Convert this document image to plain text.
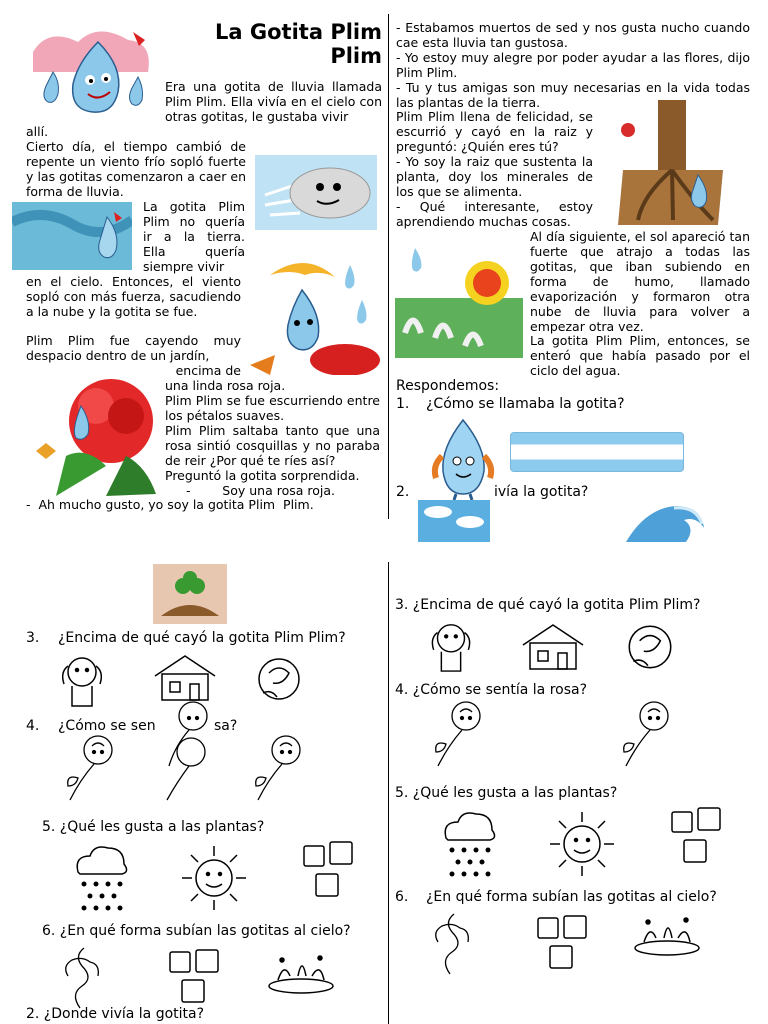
La Gotita Plim
Plim

Era una gotita de lluvia llamada Plim Plim. Ella vivía en el cielo con otras gotitas, le gustaba vivir

allí.

Cierto día, el tiempo cambió de repente un viento frío sopló fuerte y las gotitas comenzaron a caer en forma de lluvia.

La gotita Plim Plim no quería ir a la tierra. Ella quería siempre vivir

en el cielo. Entonces, el viento sopló con más fuerza, sacudiendo a la nube y la gotita se fue.

Plim Plim fue cayendo muy despacio dentro de un jardín,

encima de

una linda rosa roja.

Plim Plim se fue escurriendo entre los pétalos suaves.

Plim Plim saltaba tanto que una rosa sintió cosquillas y no paraba de reir ¿Por qué te ríes así?

Preguntó la gotita sorprendida.

-        Soy una rosa roja.

-  Ah mucho gusto, yo soy la gotita Plim  Plim.

- Estabamos muertos de sed y nos gusta nucho cuando cae esta lluvia tan gustosa.

- Yo estoy muy alegre por poder ayudar a las flores, dijo Plim Plim.

- Tu y tus amigas son muy necesarias en la vida todas las plantas de la tierra.

Plim Plim llena de felicidad, se escurrió y cayó en la raiz y preguntó: ¿Quién eres tú?

- Yo soy la raiz que sustenta la planta, doy los minerales de los que se alimenta.

- Qué interesante, estoy aprendiendo muchas cosas.

Al día siguiente, el sol apareció tan fuerte que atrajo a todas las gotitas, que iban subiendo en forma de humo, llamado evaporización y formaron otra nube de lluvia para volver a empezar otra vez.

La gotita Plim Plim, entonces, se enteró que había pasado por el ciclo del agua.

Respondemos:
1. ¿Cómo se llamaba la gotita?
2.	ivía la gotita?
3. ¿Encima de qué cayó la gotita Plim Plim?
4. ¿Cómo se sen	sa?
5. ¿Qué les gusta a las plantas?
6. ¿En qué forma subían las gotitas al cielo?
2. ¿Donde vivía la gotita?
3. ¿Encima de qué cayó la gotita Plim Plim?
4. ¿Cómo se sentía la rosa?
5. ¿Qué les gusta a las plantas?
6. ¿En qué forma subían las gotitas al cielo?
